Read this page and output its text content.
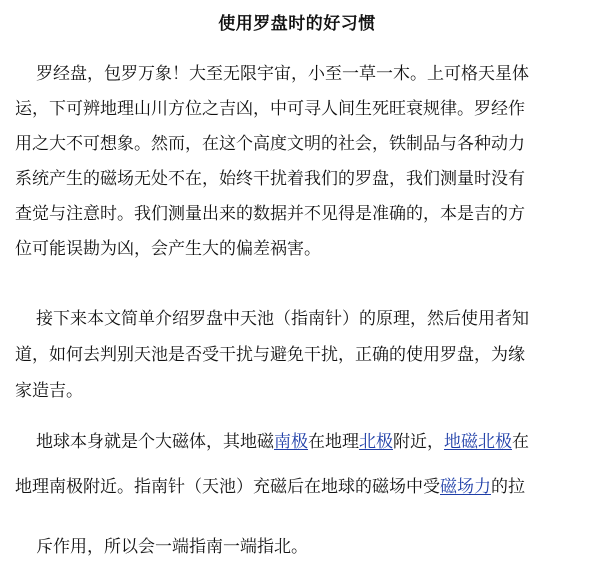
使用罗盘时的好习惯
罗经盘，包罗万象！大至无限宇宙，小至一草一木。上可格天星体
运，下可辨地理山川方位之吉凶，中可寻人间生死旺衰规律。罗经作
用之大不可想象。然而，在这个高度文明的社会，铁制品与各种动力
系统产生的磁场无处不在，始终干扰着我们的罗盘，我们测量时没有
查觉与注意时。我们测量出来的数据并不见得是准确的，本是吉的方
位可能误勘为凶，会产生大的偏差祸害。
接下来本文简单介绍罗盘中天池（指南针）的原理，然后使用者知
道，如何去判别天池是否受干扰与避免干扰，正确的使用罗盘，为缘
家造吉。
地球本身就是个大磁体，其地磁南极在地理北极附近，地磁北极在
地理南极附近。指南针（天池）充磁后在地球的磁场中受磁场力的拉
斥作用，所以会一端指南一端指北。
